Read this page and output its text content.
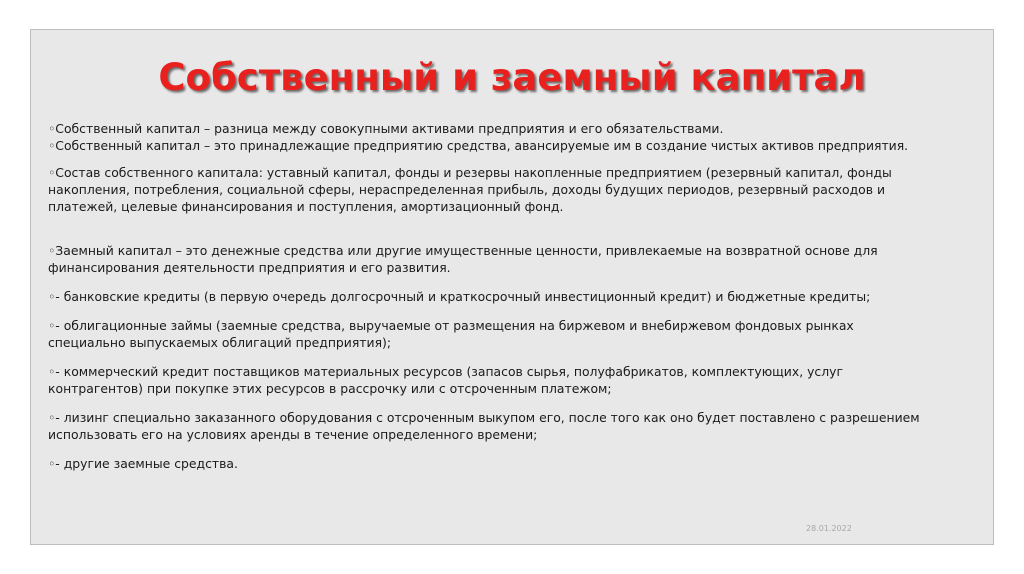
Собственный и заемный капитал

◦Собственный капитал – разница между совокупными активами предприятия и его обязательствами.

◦Собственный капитал – это принадлежащие предприятию средства, авансируемые им в создание чистых активов предприятия.

◦Состав собственного капитала: уставный капитал, фонды и резервы накопленные предприятием (резервный капитал, фонды накопления, потребления, социальной сферы, нераспределенная прибыль, доходы будущих периодов, резервный расходов и платежей, целевые финансирования и поступления, амортизационный фонд.

◦Заемный капитал – это денежные средства или другие имущественные ценности, привлекаемые на возвратной основе для финансирования деятельности предприятия и его развития.

◦- банковские кредиты (в первую очередь долгосрочный и краткосрочный инвестиционный кредит) и бюджетные кредиты;

◦- облигационные займы (заемные средства, выручаемые от размещения на биржевом и внебиржевом фондовых рынках специально выпускаемых облигаций предприятия);

◦- коммерческий кредит поставщиков материальных ресурсов (запасов сырья, полуфабрикатов, комплектующих, услуг контрагентов) при покупке этих ресурсов в рассрочку или с отсроченным платежом;

◦- лизинг специально заказанного оборудования с отсроченным выкупом его, после того как оно будет поставлено с разрешением использовать его на условиях аренды в течение определенного времени;

◦- другие заемные средства.

28.01.2022
